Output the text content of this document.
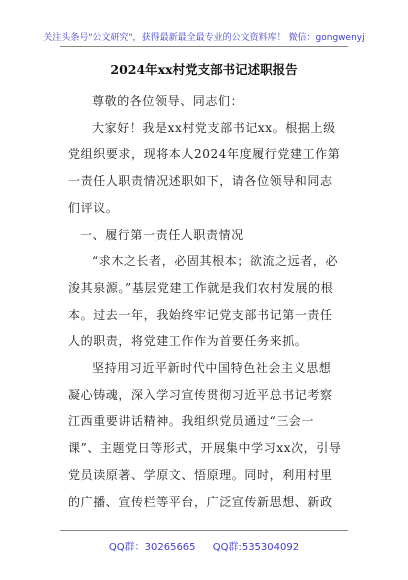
关注头条号"公文研究"，获得最新最全最专业的公文资料库！ 微信：gongwenyj
2024年xx村党支部书记述职报告

尊敬的各位领导、同志们：

大家好！我是xx村党支部书记xx。根据上级党组织要求，现将本人2024年度履行党建工作第一责任人职责情况述职如下，请各位领导和同志们评议。

一、履行第一责任人职责情况

“求木之长者，必固其根本；欲流之远者，必浚其泉源。”基层党建工作就是我们农村发展的根本。过去一年，我始终牢记党支部书记第一责任人的职责，将党建工作作为首要任务来抓。

坚持用习近平新时代中国特色社会主义思想凝心铸魂，深入学习宣传贯彻习近平总书记考察江西重要讲话精神。我组织党员通过“三会一课”、主题党日等形式，开展集中学习xx次，引导党员读原著、学原文、悟原理。同时，利用村里的广播、宣传栏等平台，广泛宣传新思想、新政

QQ群：30265665 QQ群:535304092
